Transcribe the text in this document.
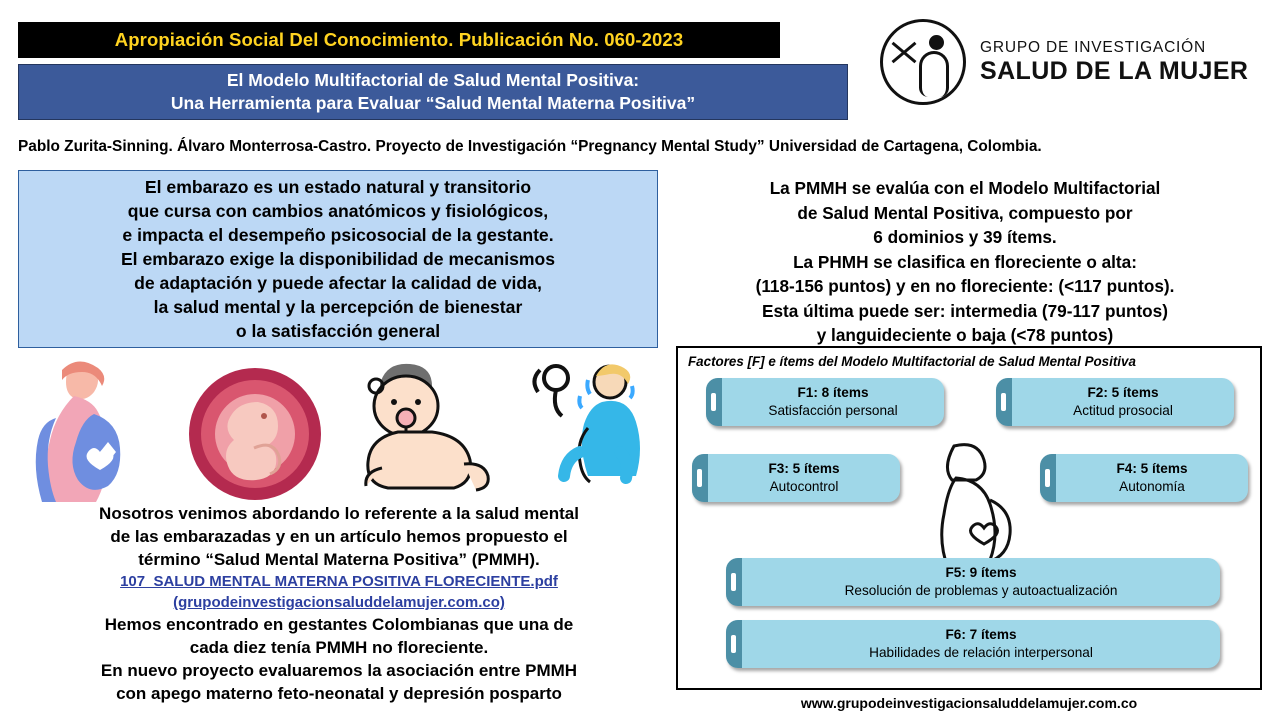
Apropiación Social Del Conocimiento. Publicación No. 060-2023
El Modelo Multifactorial de Salud Mental Positiva:
Una Herramienta para Evaluar “Salud Mental Materna Positiva”
GRUPO DE INVESTIGACIÓN
SALUD DE LA MUJER
Pablo Zurita-Sinning. Álvaro Monterrosa-Castro. Proyecto de Investigación “Pregnancy Mental Study” Universidad de Cartagena, Colombia.
El embarazo es un estado natural y transitorio
que cursa con cambios anatómicos y fisiológicos,
e impacta el desempeño psicosocial de la gestante.
El embarazo exige la disponibilidad de mecanismos
de adaptación y puede afectar la calidad de vida,
la salud mental y la percepción de bienestar
o la satisfacción general
La PMMH se evalúa con el Modelo Multifactorial
de Salud Mental Positiva, compuesto por
6 dominios y 39 ítems.
La PHMH se clasifica en floreciente o alta:
(118-156 puntos) y en no floreciente: (<117 puntos).
Esta última puede ser: intermedia (79-117 puntos)
y languideciente o baja (<78 puntos)

Nosotros venimos abordando lo referente a la salud mental

de las embarazadas y en un artículo hemos propuesto el

término “Salud Mental Materna Positiva” (PMMH).

107_SALUD MENTAL MATERNA POSITIVA FLORECIENTE.pdf

(grupodeinvestigacionsaluddelamujer.com.co)

Hemos encontrado en gestantes Colombianas que una de

cada diez tenía PMMH no floreciente.

En nuevo proyecto evaluaremos la asociación entre PMMH

con apego materno feto-neonatal y depresión posparto

Factores [F] e ítems del Modelo Multifactorial de Salud Mental Positiva
F1: 8 ítems
Satisfacción personal
F2: 5 ítems
Actitud prosocial
F3: 5 ítems
Autocontrol
F4: 5 ítems
Autonomía
F5: 9 ítems
Resolución de problemas y autoactualización
F6: 7 ítems
Habilidades de relación interpersonal
www.grupodeinvestigacionsaluddelamujer.com.co
